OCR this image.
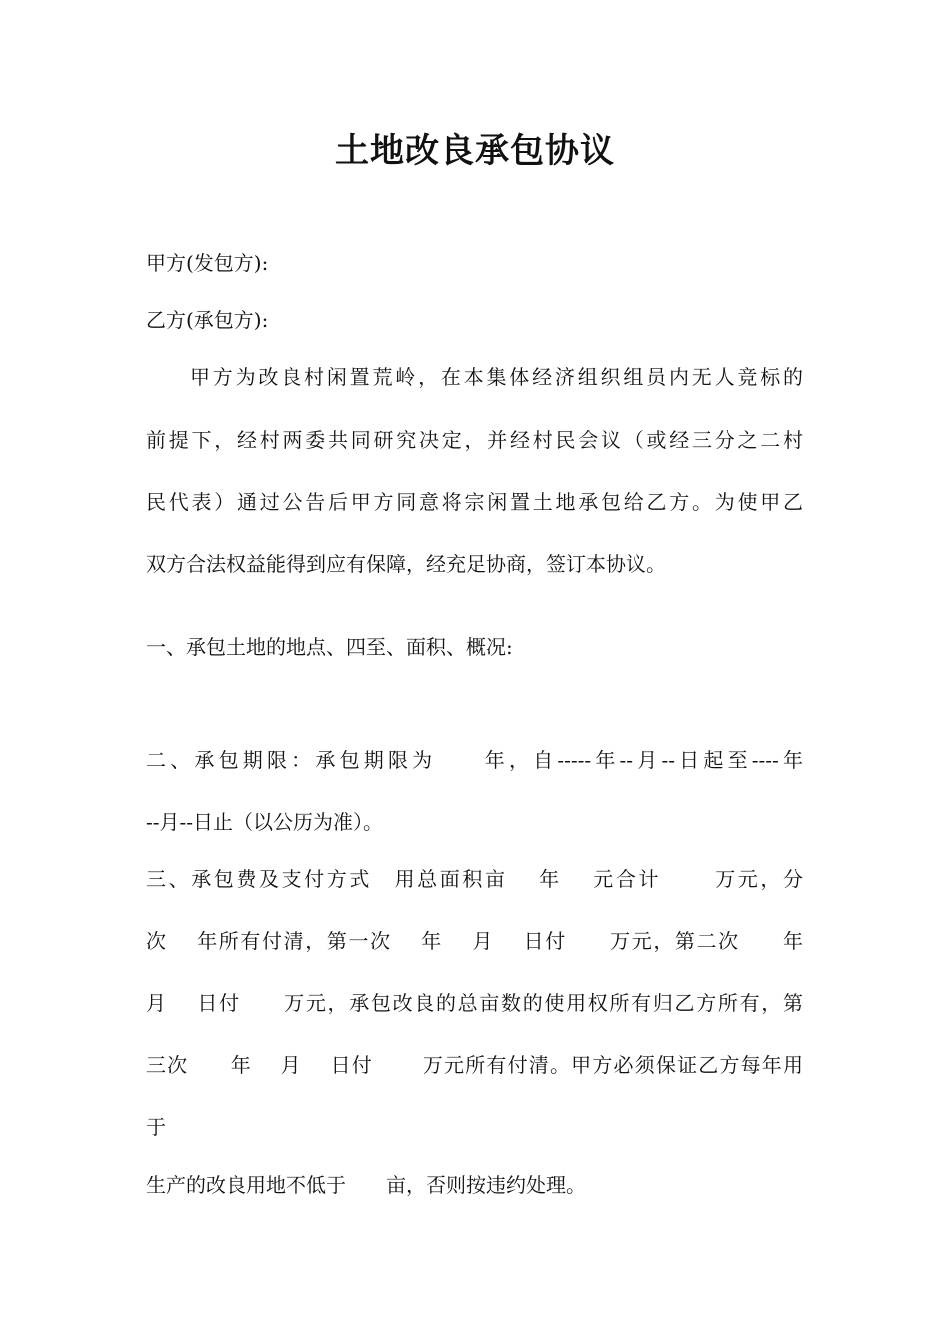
土地改良承包协议

甲方(发包方):

乙方(承包方):

甲方为改良村闲置荒岭，在本集体经济组织组员内无人竞标的

前提下，经村两委共同研究决定，并经村民会议（或经三分之二村

民代表）通过公告后甲方同意将宗闲置土地承包给乙方。为使甲乙

双方合法权益能得到应有保障，经充足协商，签订本协议。

一、承包土地的地点、四至、面积、概况:

二、承包期限：承包期限为　　年，自-----年--月--日起至----年

--月--日止（以公历为准）。

三、承包费及支付方式　用总面积亩　 年　 元合计　　 万元，分

次　 年所有付清，第一次　 年　 月　 日付　　万元，第二次　　年

月　 日付　　万元，承包改良的总亩数的使用权所有归乙方所有，第

三次　　年　 月　 日付　　 万元所有付清。甲方必须保证乙方每年用

于

生产的改良用地不低于　　亩，否则按违约处理。
